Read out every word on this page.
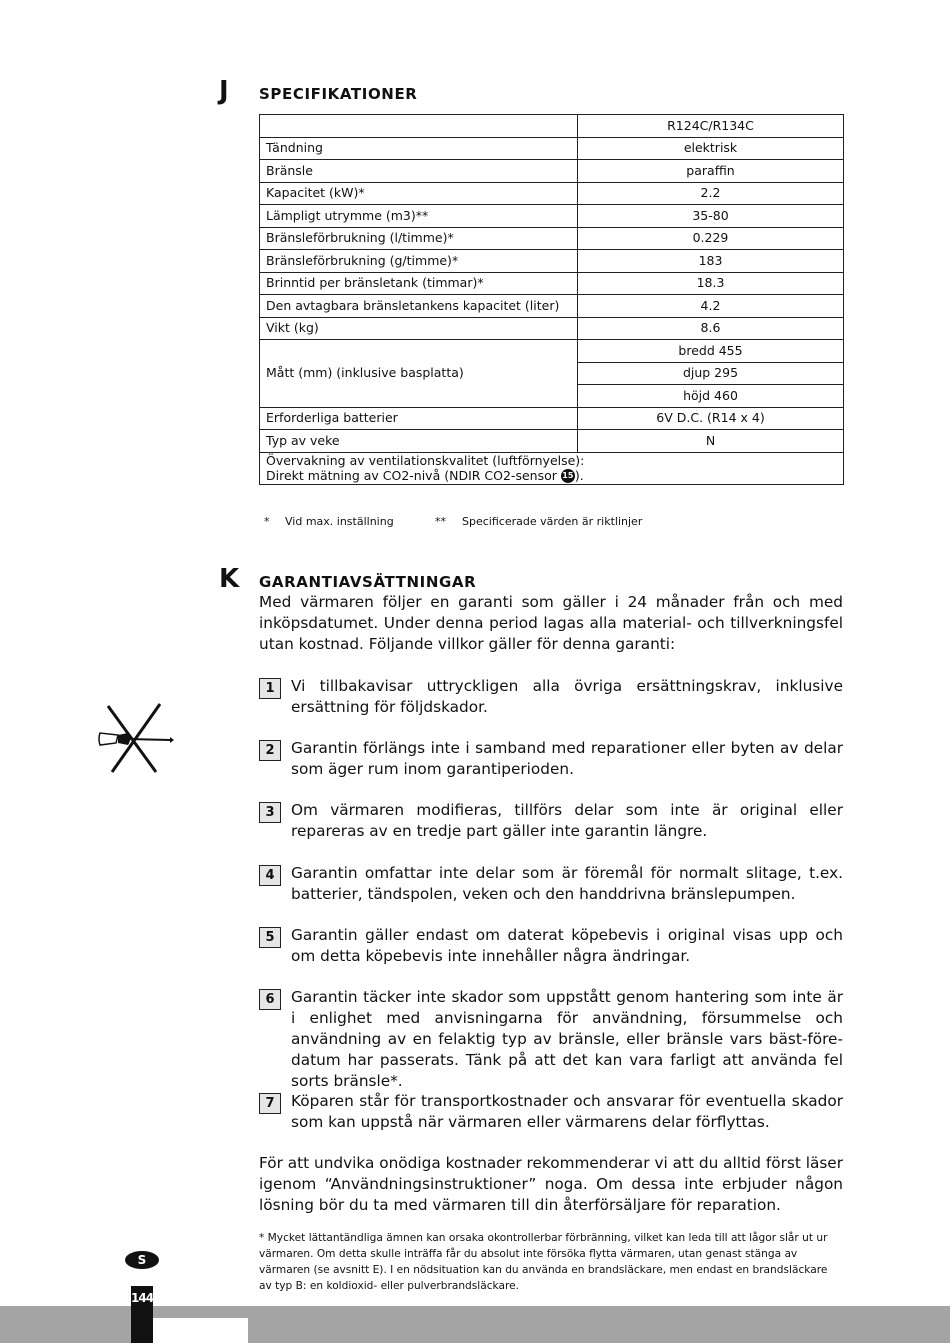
J SPECIFIKATIONER
	R124C/R134C
Tändning	elektrisk
Bränsle	paraffin
Kapacitet (kW)*	2.2
Lämpligt utrymme (m3)**	35-80
Bränsleförbrukning (l/timme)*	0.229
Bränsleförbrukning (g/timme)*	183
Brinntid per bränsletank (timmar)*	18.3
Den avtagbara bränsletankens kapacitet (liter)	4.2
Vikt (kg)	8.6
Mått (mm) (inklusive basplatta)	bredd 455
	djup 295
	höjd 460
Erforderliga batterier	6V D.C. (R14 x 4)
Typ av veke	N

Övervakning av ventilationskvalitet (luftförnyelse):
Direkt mätning av CO2-nivå (NDIR CO2-sensor 15).	
* Vid max. inställning	** Specificerade värden är riktlinjer
K GARANTIAVSÄTTNINGAR
Med värmaren följer en garanti som gäller i 24 månader från och med inköpsdatumet. Under denna period lagas alla material- och tillverkningsfel utan kostnad. Följande villkor gäller för denna garanti:
1	Vi tillbakavisar uttryckligen alla övriga ersättningskrav, inklusive ersättning för följdskador.
2	Garantin förlängs inte i samband med reparationer eller byten av delar som äger rum inom garantiperioden.
3	Om värmaren modifieras, tillförs delar som inte är original eller repareras av en tredje part gäller inte garantin längre.
4	Garantin omfattar inte delar som är föremål för normalt slitage, t.ex. batterier, tändspolen, veken och den handdrivna bränslepumpen.
5	Garantin gäller endast om daterat köpebevis i original visas upp och om detta köpebevis inte innehåller några ändringar.
6	Garantin täcker inte skador som uppstått genom hantering som inte är i enlighet med anvisningarna för användning, försummelse och användning av en felaktig typ av bränsle, eller bränsle vars bäst-före-datum har passerats. Tänk på att det kan vara farligt att använda fel sorts bränsle*.
7	Köparen står för transportkostnader och ansvarar för eventuella skador som kan uppstå när värmaren eller värmarens delar förflyttas.
För att undvika onödiga kostnader rekommenderar vi att du alltid först läser igenom “Användningsinstruktioner” noga. Om dessa inte erbjuder någon lösning bör du ta med värmaren till din återförsäljare för reparation.
* Mycket lättantändliga ämnen kan orsaka okontrollerbar förbränning, vilket kan leda till att lågor slår ut ur värmaren. Om detta skulle inträffa får du absolut inte försöka flytta värmaren, utan genast stänga av värmaren (se avsnitt E). I en nödsituation kan du använda en brandsläckare, men endast en brandsläckare av typ B: en koldioxid- eller pulverbrandsläckare.
S
144
